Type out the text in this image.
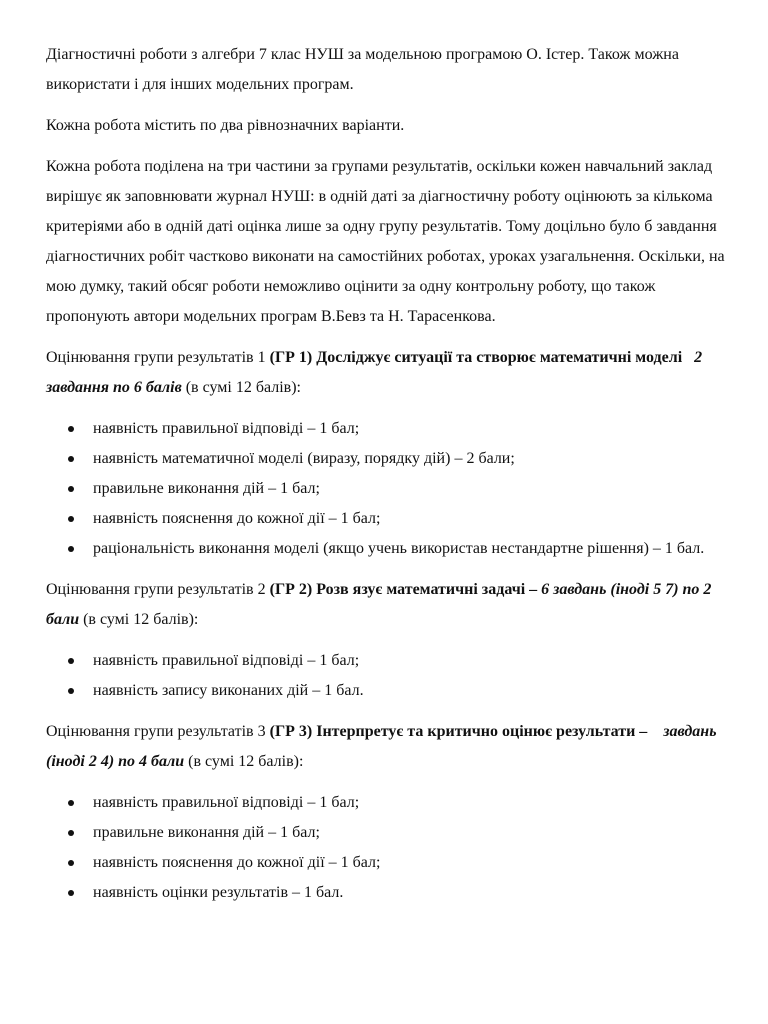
Діагностичні роботи з алгебри 7 клас НУШ за модельною програмою О. Істер. Також можна використати і для інших модельних програм.

Кожна робота містить по два рівнозначних варіанти.

Кожна робота поділена на три частини за групами результатів, оскільки кожен навчальний заклад вирішує як заповнювати журнал НУШ: в одній даті за діагностичну роботу оцінюють за кількома критеріями або в одній даті оцінка лише за одну групу результатів. Тому доцільно було б завдання діагностичних робіт частково виконати на самостійних роботах, уроках узагальнення. Оскільки, на мою думку, такий обсяг роботи неможливо оцінити за одну контрольну роботу, що також пропонують автори модельних програм В.Бевз та Н. Тарасенкова.

Оцінювання групи результатів 1 (ГР 1) Досліджує ситуації та створює математичні моделі 2 завдання по 6 балів (в сумі 12 балів):

наявність правильної відповіді – 1 бал;
наявність математичної моделі (виразу, порядку дій) – 2 бали;
правильне виконання дій – 1 бал;
наявність пояснення до кожної дії – 1 бал;
раціональність виконання моделі (якщо учень використав нестандартне рішення) – 1 бал.

Оцінювання групи результатів 2 (ГР 2) Розв язує математичні задачі – 6 завдань (іноді 5 7) по 2 бали (в сумі 12 балів):

наявність правильної відповіді – 1 бал;
наявність запису виконаних дій – 1 бал.

Оцінювання групи результатів 3 (ГР 3) Інтерпретує та критично оцінює результати – завдань (іноді 2 4) по 4 бали (в сумі 12 балів):

наявність правильної відповіді – 1 бал;
правильне виконання дій – 1 бал;
наявність пояснення до кожної дії – 1 бал;
наявність оцінки результатів – 1 бал.
